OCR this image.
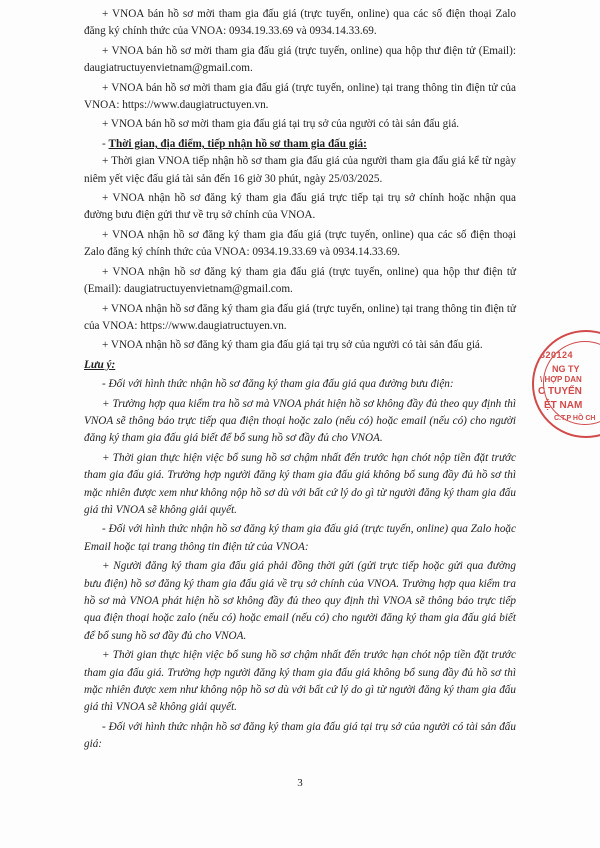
+ VNOA bán hồ sơ mời tham gia đấu giá (trực tuyến, online) qua các số điện thoại Zalo đăng ký chính thức của VNOA: 0934.19.33.69 và 0934.14.33.69.

+ VNOA bán hồ sơ mời tham gia đấu giá (trực tuyến, online) qua hộp thư điện tử (Email): daugiatructuyenvietnam@gmail.com.

+ VNOA bán hồ sơ mời tham gia đấu giá (trực tuyến, online) tại trang thông tin điện tử của VNOA: https://www.daugiatructuyen.vn.

+ VNOA bán hồ sơ mời tham gia đấu giá tại trụ sở của người có tài sản đấu giá.

- Thời gian, địa điểm, tiếp nhận hồ sơ tham gia đấu giá:

+ Thời gian VNOA tiếp nhận hồ sơ tham gia đấu giá của người tham gia đấu giá kể từ ngày niêm yết việc đấu giá tài sản đến 16 giờ 30 phút, ngày 25/03/2025.

+ VNOA nhận hồ sơ đăng ký tham gia đấu giá trực tiếp tại trụ sở chính hoặc nhận qua đường bưu điện gửi thư về trụ sở chính của VNOA.

+ VNOA nhận hồ sơ đăng ký tham gia đấu giá (trực tuyến, online) qua các số điện thoại Zalo đăng ký chính thức của VNOA: 0934.19.33.69 và 0934.14.33.69.

+ VNOA nhận hồ sơ đăng ký tham gia đấu giá (trực tuyến, online) qua hộp thư điện tử (Email): daugiatructuyenvietnam@gmail.com.

+ VNOA nhận hồ sơ đăng ký tham gia đấu giá (trực tuyến, online) tại trang thông tin điện tử của VNOA: https://www.daugiatructuyen.vn.

+ VNOA nhận hồ sơ đăng ký tham gia đấu giá tại trụ sở của người có tài sản đấu giá.

Lưu ý:

- Đối với hình thức nhận hồ sơ đăng ký tham gia đấu giá qua đường bưu điện:

+ Trường hợp qua kiểm tra hồ sơ mà VNOA phát hiện hồ sơ không đầy đủ theo quy định thì VNOA sẽ thông báo trực tiếp qua điện thoại hoặc zalo (nếu có) hoặc email (nếu có) cho người đăng ký tham gia đấu giá biết để bổ sung hồ sơ đầy đủ cho VNOA.

+ Thời gian thực hiện việc bổ sung hồ sơ chậm nhất đến trước hạn chót nộp tiền đặt trước tham gia đấu giá. Trường hợp người đăng ký tham gia đấu giá không bổ sung đầy đủ hồ sơ thì mặc nhiên được xem như không nộp hồ sơ dù với bất cứ lý do gì từ người đăng ký tham gia đấu giá thì VNOA sẽ không giải quyết.

- Đối với hình thức nhận hồ sơ đăng ký tham gia đấu giá (trực tuyến, online) qua Zalo hoặc Email hoặc tại trang thông tin điện tử của VNOA:

+ Người đăng ký tham gia đấu giá phải đồng thời gửi (gửi trực tiếp hoặc gửi qua đường bưu điện) hồ sơ đăng ký tham gia đấu giá về trụ sở chính của VNOA. Trường hợp qua kiểm tra hồ sơ mà VNOA phát hiện hồ sơ không đầy đủ theo quy định thì VNOA sẽ thông báo trực tiếp qua điện thoại hoặc zalo (nếu có) hoặc email (nếu có) cho người đăng ký tham gia đấu giá biết để bổ sung hồ sơ đầy đủ cho VNOA.

+ Thời gian thực hiện việc bổ sung hồ sơ chậm nhất đến trước hạn chót nộp tiền đặt trước tham gia đấu giá. Trường hợp người đăng ký tham gia đấu giá không bổ sung đầy đủ hồ sơ thì mặc nhiên được xem như không nộp hồ sơ dù với bất cứ lý do gì từ người đăng ký tham gia đấu giá thì VNOA sẽ không giải quyết.

- Đối với hình thức nhận hồ sơ đăng ký tham gia đấu giá tại trụ sở của người có tài sản đấu giá:

320124
NG TY
\ HỢP DAN
C TUYẾN
ỆT NAM
C.T.P HỒ CH
3
